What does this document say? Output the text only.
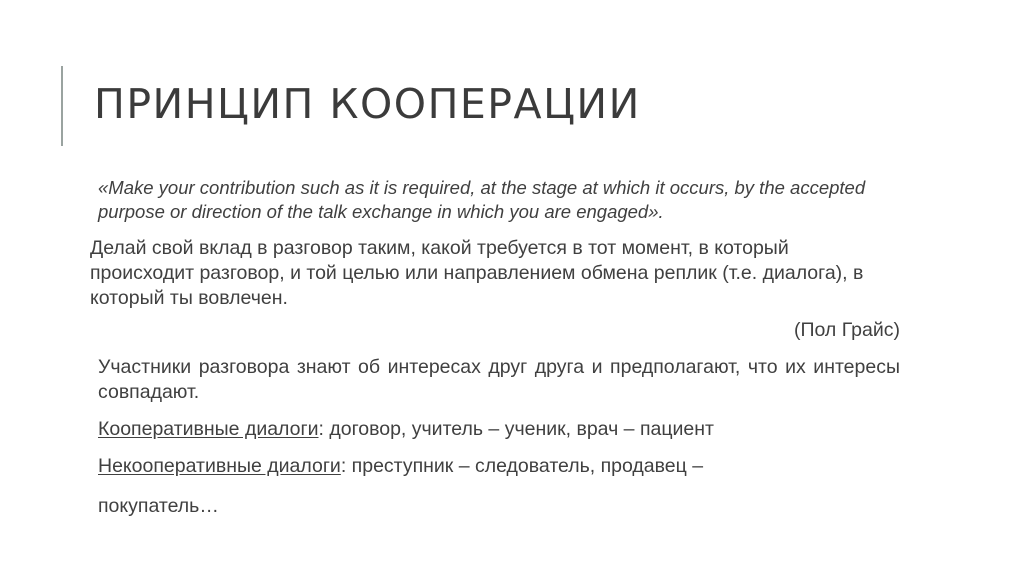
ПРИНЦИП КООПЕРАЦИИ

«Make your contribution such as it is required, at the stage at which it occurs, by the accepted purpose or direction of the talk exchange in which you are engaged».

Делай свой вклад в разговор таким, какой требуется в тот момент, в который происходит разговор, и той целью или направлением обмена реплик (т.е. диалога), в который ты вовлечен.

(Пол Грайс)

Участники разговора знают об интересах друг друга и предполагают, что их интересы совпадают.

Кооперативные диалоги: договор, учитель – ученик, врач – пациент

Некооперативные диалоги: преступник – следователь, продавец –

покупатель…
